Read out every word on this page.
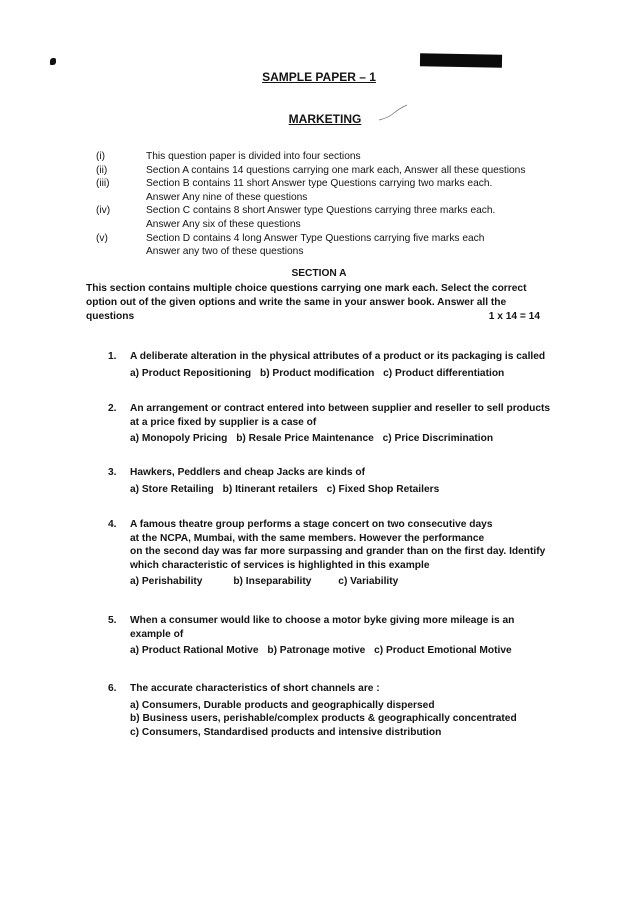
SAMPLE PAPER – 1
MARKETING
(i)	This question paper is divided into four sections
(ii)	Section A contains 14 questions carrying one mark each, Answer all these questions
(iii)	Section B contains 11 short Answer type Questions carrying two marks each.
Answer Any nine of these questions
(iv)	Section C contains 8 short Answer type Questions carrying three marks each.
Answer Any six of these questions
(v)	Section D contains 4 long Answer Type Questions carrying five marks each
Answer any two of these questions
SECTION A
This section contains multiple choice questions carrying one mark each. Select the correct
option out of the given options and write the same in your answer book. Answer all the
questions	1 x 14 = 14
1.	A deliberate alteration in the physical attributes of a product or its packaging is called
a) Product Repositioning b) Product modification c) Product differentiation
2.	An arrangement or contract entered into between supplier and reseller to sell products
at a price fixed by supplier is a case of
a) Monopoly Pricing b) Resale Price Maintenance c) Price Discrimination
3.	Hawkers, Peddlers and cheap Jacks are kinds of
a) Store Retailing b) Itinerant retailers c) Fixed Shop Retailers
4.	A famous theatre group performs a stage concert on two consecutive days
at the NCPA, Mumbai, with the same members. However the performance
on the second day was far more surpassing and grander than on the first day. Identify
which characteristic of services is highlighted in this example
a) Perishability	b) Inseparability	c) Variability
5.	When a consumer would like to choose a motor byke giving more mileage is an
example of
a) Product Rational Motive b) Patronage motive c) Product Emotional Motive
6.	The accurate characteristics of short channels are :
a) Consumers, Durable products and geographically dispersed
b) Business users, perishable/complex products & geographically concentrated
c) Consumers, Standardised products and intensive distribution
